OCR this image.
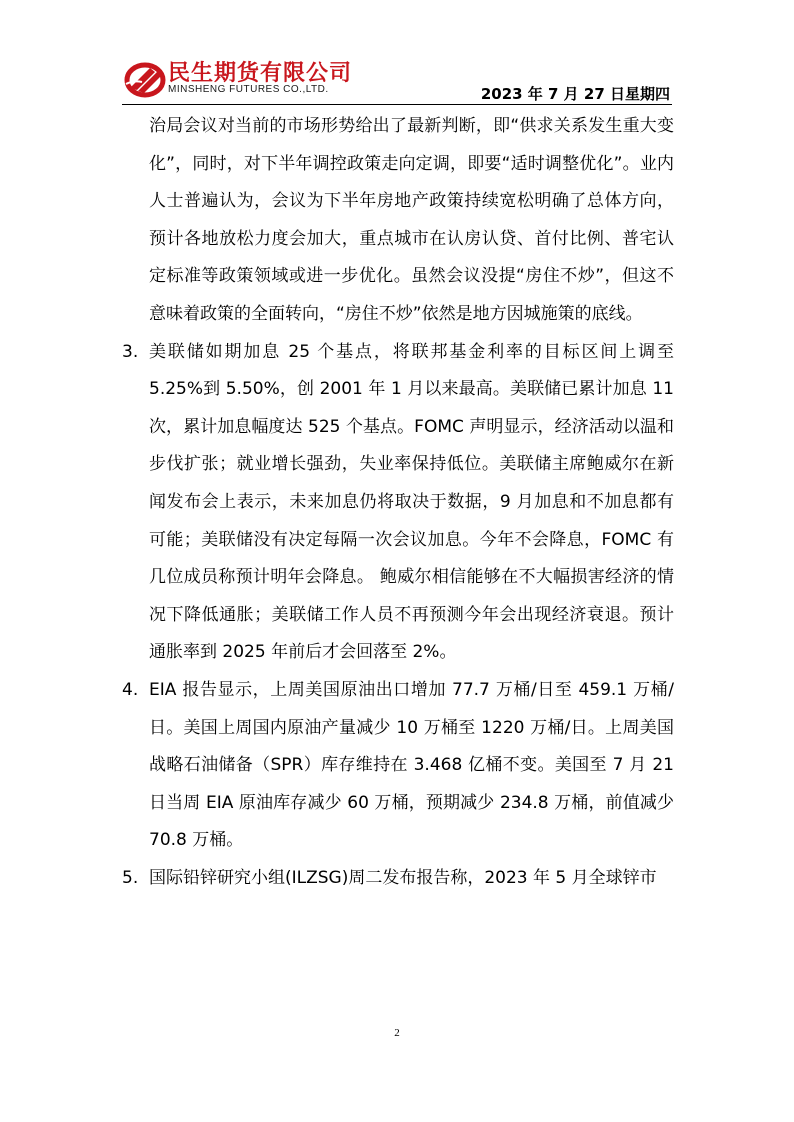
民生期货有限公司
MINSHENG FUTURES CO.,LTD.	2023 年 7 月 27 日星期四

治局会议对当前的市场形势给出了最新判断，即“供求关系发生重大变化”，同时，对下半年调控政策走向定调，即要“适时调整优化”。业内人士普遍认为，会议为下半年房地产政策持续宽松明确了总体方向，预计各地放松力度会加大，重点城市在认房认贷、首付比例、普宅认定标准等政策领域或进一步优化。虽然会议没提“房住不炒”，但这不意味着政策的全面转向，“房住不炒”依然是地方因城施策的底线。

3. 美联储如期加息 25 个基点，将联邦基金利率的目标区间上调至 5.25%到 5.50%，创 2001 年 1 月以来最高。美联储已累计加息 11 次，累计加息幅度达 525 个基点。FOMC 声明显示，经济活动以温和步伐扩张；就业增长强劲，失业率保持低位。美联储主席鲍威尔在新闻发布会上表示，未来加息仍将取决于数据，9 月加息和不加息都有可能；美联储没有决定每隔一次会议加息。今年不会降息，FOMC 有几位成员称预计明年会降息。 鲍威尔相信能够在不大幅损害经济的情况下降低通胀；美联储工作人员不再预测今年会出现经济衰退。预计通胀率到 2025 年前后才会回落至 2%。
4. EIA 报告显示，上周美国原油出口增加 77.7 万桶/日至 459.1 万桶/日。美国上周国内原油产量减少 10 万桶至 1220 万桶/日。上周美国战略石油储备（SPR）库存维持在 3.468 亿桶不变。美国至 7 月 21 日当周 EIA 原油库存减少 60 万桶，预期减少 234.8 万桶，前值减少 70.8 万桶。
5. 国际铅锌研究小组(ILZSG)周二发布报告称，2023 年 5 月全球锌市
2
